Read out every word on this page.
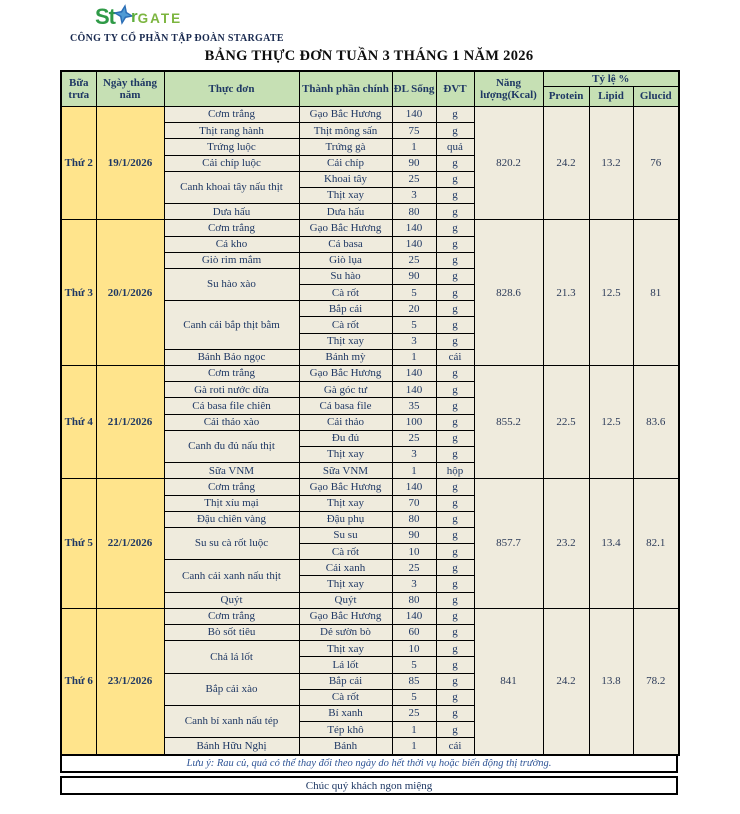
St r GATE
CÔNG TY CỔ PHẦN TẬP ĐOÀN STARGATE
BẢNG THỰC ĐƠN TUẦN 3 THÁNG 1 NĂM 2026
Bữa trưa	Ngày tháng năm	Thực đơn	Thành phần chính	ĐL Sống	ĐVT	Năng lượng(Kcal)	Tỷ lệ %		
							Protein	Lipid	Glucid
Thứ 2	19/1/2026	Cơm trắng	Gạo Bắc Hương	140	g	820.2	24.2	13.2	76
		Thịt rang hành	Thịt mông sấn	75	g				
		Trứng luộc	Trứng gà	1	quả				
		Cải chíp luộc	Cải chíp	90	g				
		Canh khoai tây nấu thịt	Khoai tây	25	g				
			Thịt xay	3	g				
		Dưa hấu	Dưa hấu	80	g				
Thứ 3	20/1/2026	Cơm trắng	Gạo Bắc Hương	140	g	828.6	21.3	12.5	81
		Cá kho	Cá basa	140	g				
		Giò rim mắm	Giò lụa	25	g				
		Su hào xào	Su hào	90	g				
			Cà rốt	5	g				
		Canh cải bắp thịt bằm	Bắp cải	20	g				
			Cà rốt	5	g				
			Thịt xay	3	g				
		Bánh Bảo ngọc	Bánh mỳ	1	cái				
Thứ 4	21/1/2026	Cơm trắng	Gạo Bắc Hương	140	g	855.2	22.5	12.5	83.6
		Gà roti nước dừa	Gà góc tư	140	g				
		Cá basa file chiên	Cá basa file	35	g				
		Cải thảo xào	Cải thảo	100	g				
		Canh đu đủ nấu thịt	Đu đủ	25	g				
			Thịt xay	3	g				
		Sữa VNM	Sữa VNM	1	hộp				
Thứ 5	22/1/2026	Cơm trắng	Gạo Bắc Hương	140	g	857.7	23.2	13.4	82.1
		Thịt xíu mại	Thịt xay	70	g				
		Đậu chiên vàng	Đậu phụ	80	g				
		Su su cà rốt luộc	Su su	90	g				
			Cà rốt	10	g				
		Canh cải xanh nấu thịt	Cải xanh	25	g				
			Thịt xay	3	g				
		Quýt	Quýt	80	g				
Thứ 6	23/1/2026	Cơm trắng	Gạo Bắc Hương	140	g	841	24.2	13.8	78.2
		Bò sốt tiêu	Dẻ sườn bò	60	g				
		Chả lá lốt	Thịt xay	10	g				
			Lá lốt	5	g				
		Bắp cải xào	Bắp cải	85	g				
			Cà rốt	5	g				
		Canh bí xanh nấu tép	Bí xanh	25	g				
			Tép khô	1	g				
		Bánh Hữu Nghị	Bánh	1	cái				
Lưu ý: Rau củ, quả có thể thay đổi theo ngày do hết thời vụ hoặc biến động thị trường.
Chúc quý khách ngon miệng
